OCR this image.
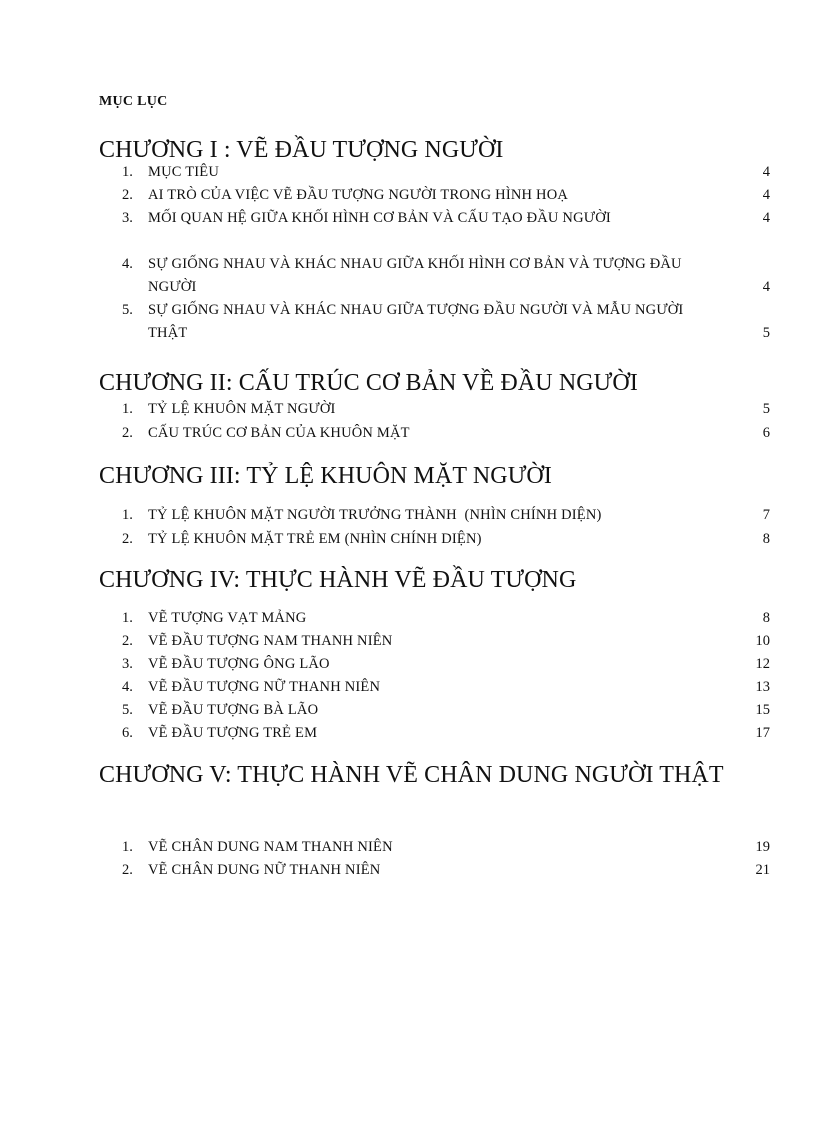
MỤC LỤC
CHƯƠNG I : VẼ ĐẦU TƯỢNG NGƯỜI
1.	MỤC TIÊU	4
2.	AI TRÒ CỦA VIỆC VẼ ĐẦU TƯỢNG NGƯỜI TRONG HÌNH HOẠ	4
3.	MỐI QUAN HỆ GIỮA KHỐI HÌNH CƠ BẢN VÀ CẤU TẠO ĐẦU NGƯỜI	4
4.	SỰ GIỐNG NHAU VÀ KHÁC NHAU GIỮA KHỐI HÌNH CƠ BẢN VÀ TƯỢNG ĐẦU NGƯỜI	4
5.	SỰ GIỐNG NHAU VÀ KHÁC NHAU GIỮA TƯỢNG ĐẦU NGƯỜI VÀ MẪU NGƯỜI THẬT	5
CHƯƠNG II: CẤU TRÚC CƠ BẢN VỀ ĐẦU NGƯỜI
1.	TỶ LỆ KHUÔN MẶT NGƯỜI	5
2.	CẤU TRÚC CƠ BẢN CỦA KHUÔN MẶT	6
CHƯƠNG III: TỶ LỆ KHUÔN MẶT NGƯỜI
1.	TỶ LỆ KHUÔN MẶT NGƯỜI TRƯỞNG THÀNH  (NHÌN CHÍNH DIỆN)	7
2.	TỶ LỆ KHUÔN MẶT TRẺ EM (NHÌN CHÍNH DIỆN)	8
CHƯƠNG IV: THỰC HÀNH VẼ ĐẦU TƯỢNG
1.	VẼ TƯỢNG VẠT MẢNG	8
2.	VẼ ĐẦU TƯỢNG NAM THANH NIÊN	10
3.	VẼ ĐẦU TƯỢNG ÔNG LÃO	12
4.	VẼ ĐẦU TƯỢNG NỮ THANH NIÊN	13
5.	VẼ ĐẦU TƯỢNG BÀ LÃO	15
6.	VẼ ĐẦU TƯỢNG TRẺ EM	17
CHƯƠNG V: THỰC HÀNH VẼ CHÂN DUNG NGƯỜI THẬT
1.	VẼ CHÂN DUNG NAM THANH NIÊN	19
2.	VẼ CHÂN DUNG NỮ THANH NIÊN	21
